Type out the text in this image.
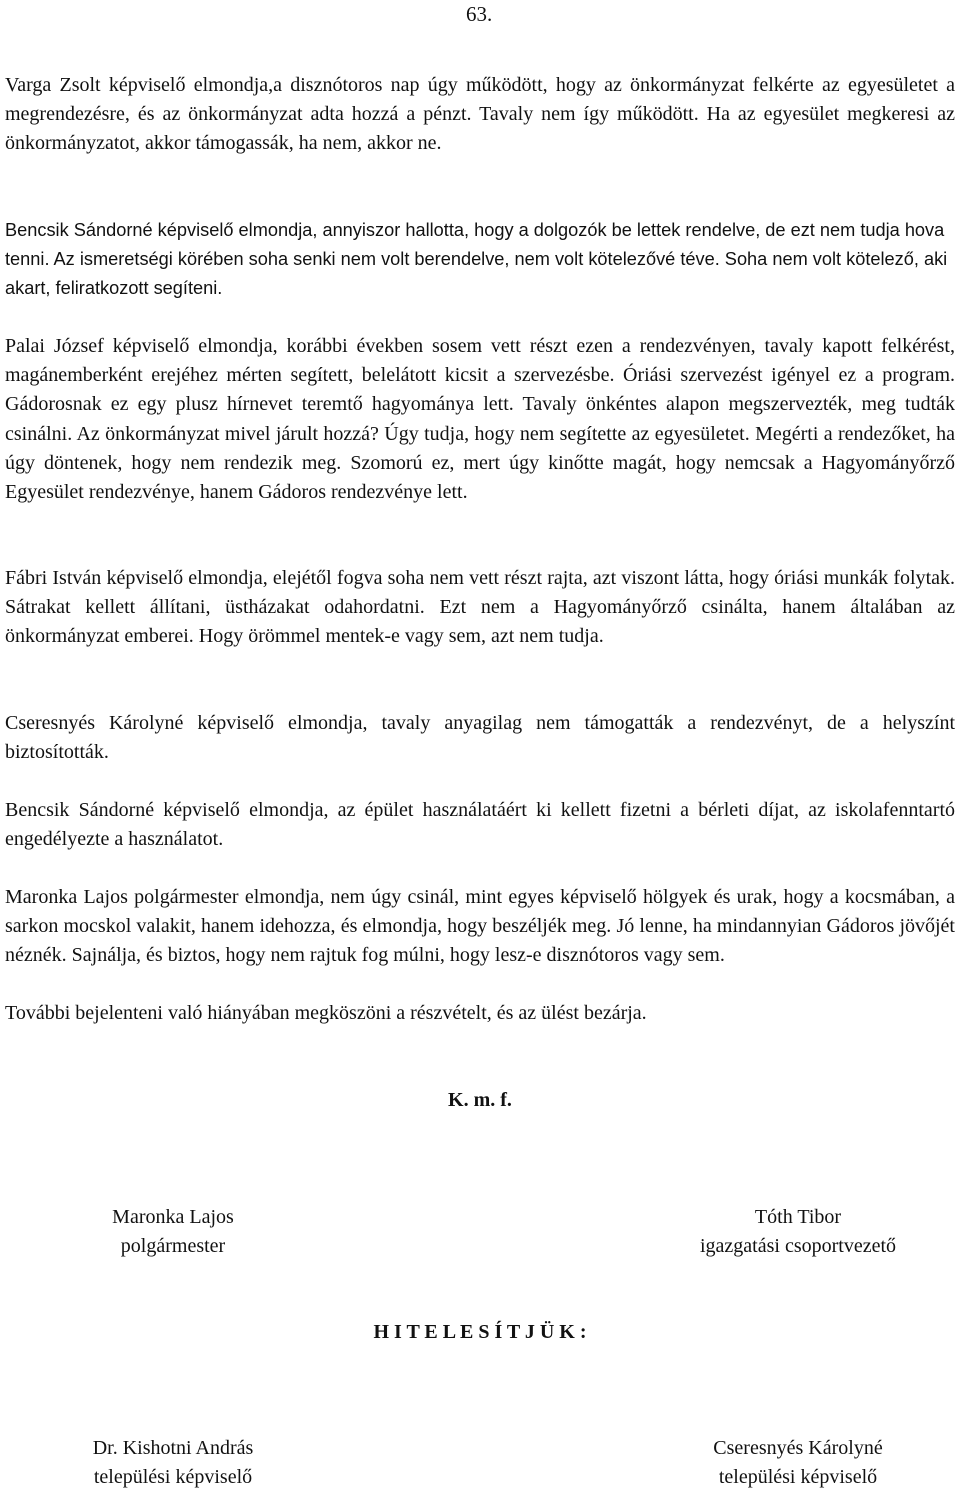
63.

Varga Zsolt képviselő elmondja,a disznótoros nap úgy működött, hogy az önkormányzat felkérte az egyesületet a megrendezésre, és az önkormányzat adta hozzá a pénzt. Tavaly nem így működött. Ha az egyesület megkeresi az önkormányzatot, akkor támogassák, ha nem, akkor ne.

Bencsik Sándorné képviselő elmondja, annyiszor hallotta, hogy a dolgozók be lettek rendelve, de ezt nem tudja hova tenni. Az ismeretségi körében soha senki nem volt berendelve, nem volt kötelezővé téve. Soha nem volt kötelező, aki akart, feliratkozott segíteni.

Palai József képviselő elmondja, korábbi években sosem vett részt ezen a rendezvényen, tavaly kapott felkérést, magánemberként erejéhez mérten segített, belelátott kicsit a szervezésbe. Óriási szervezést igényel ez a program. Gádorosnak ez egy plusz hírnevet teremtő hagyománya lett. Tavaly önkéntes alapon megszervezték, meg tudták csinálni. Az önkormányzat mivel járult hozzá? Úgy tudja, hogy nem segítette az egyesületet. Megérti a rendezőket, ha úgy döntenek, hogy nem rendezik meg. Szomorú ez, mert úgy kinőtte magát, hogy nemcsak a Hagyományőrző Egyesület rendezvénye, hanem Gádoros rendezvénye lett.

Fábri István képviselő elmondja, elejétől fogva soha nem vett részt rajta, azt viszont látta, hogy óriási munkák folytak. Sátrakat kellett állítani, üstházakat odahordatni. Ezt nem a Hagyományőrző csinálta, hanem általában az önkormányzat emberei. Hogy örömmel mentek-e vagy sem, azt nem tudja.

Cseresnyés Károlyné képviselő elmondja, tavaly anyagilag nem támogatták a rendezvényt, de a helyszínt biztosították.

Bencsik Sándorné képviselő elmondja, az épület használatáért ki kellett fizetni a bérleti díjat, az iskolafenntartó engedélyezte a használatot.

Maronka Lajos polgármester elmondja, nem úgy csinál, mint egyes képviselő hölgyek és urak, hogy a kocsmában, a sarkon mocskol valakit, hanem idehozza, és elmondja, hogy beszéljék meg. Jó lenne, ha mindannyian Gádoros jövőjét néznék. Sajnálja, és biztos, hogy nem rajtuk fog múlni, hogy lesz-e disznótoros vagy sem.

További bejelenteni való hiányában megköszöni a részvételt, és az ülést bezárja.

K. m. f.
Maronka Lajos
polgármester
Tóth Tibor
igazgatási csoportvezető
H I T E L E S Í T J Ü K :
Dr. Kishotni András
települési képviselő
Cseresnyés Károlyné
települési képviselő
